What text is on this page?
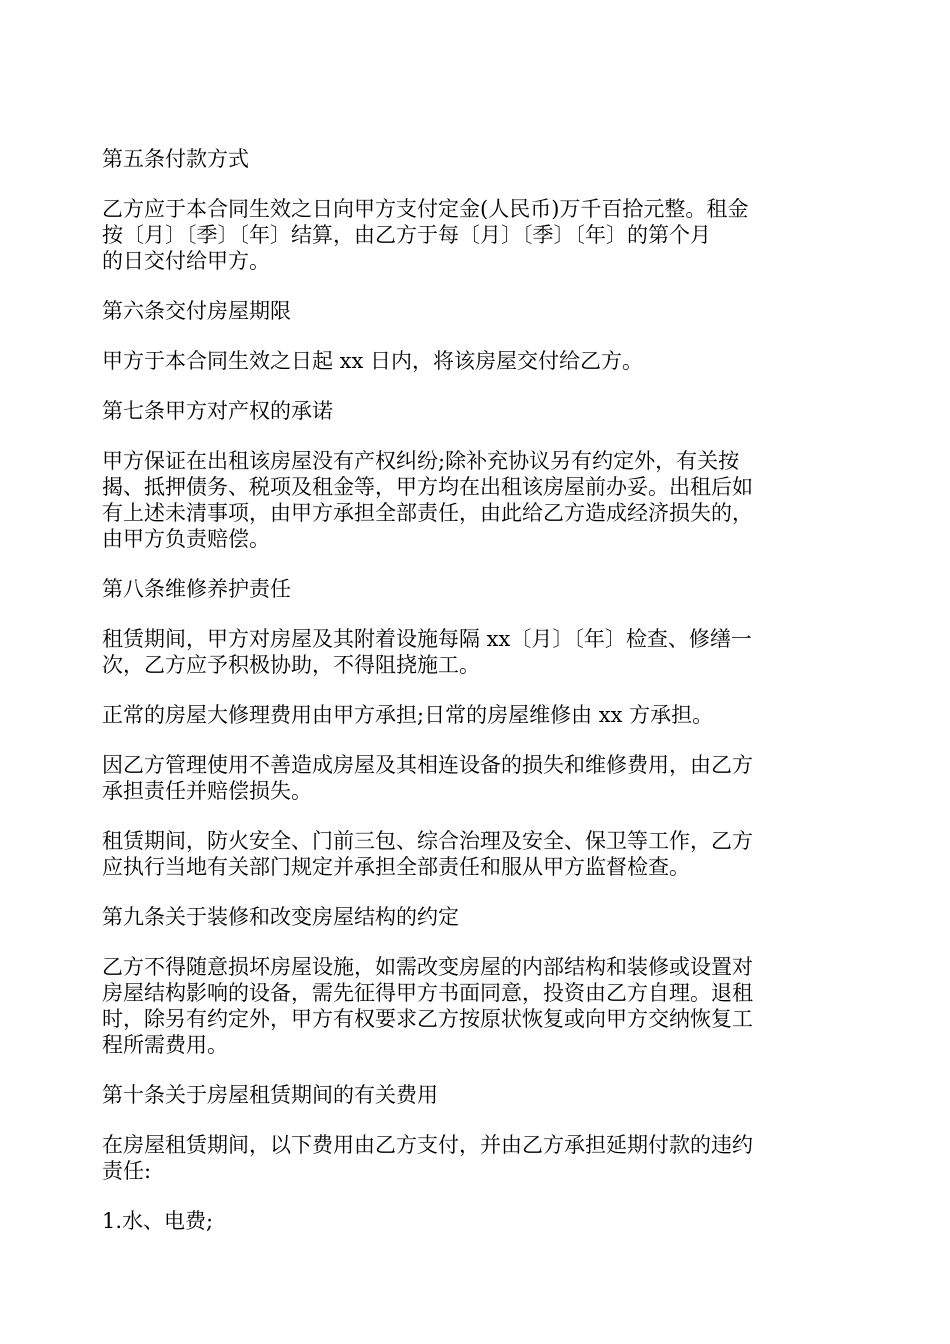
第五条付款方式

乙方应于本合同生效之日向甲方支付定金(人民币)万千百拾元整。租金
按〔月〕〔季〕〔年〕结算，由乙方于每〔月〕〔季〕〔年〕的第个月
的日交付给甲方。

第六条交付房屋期限

甲方于本合同生效之日起 xx 日内，将该房屋交付给乙方。

第七条甲方对产权的承诺

甲方保证在出租该房屋没有产权纠纷;除补充协议另有约定外，有关按
揭、抵押债务、税项及租金等，甲方均在出租该房屋前办妥。出租后如
有上述未清事项，由甲方承担全部责任，由此给乙方造成经济损失的，
由甲方负责赔偿。

第八条维修养护责任

租赁期间，甲方对房屋及其附着设施每隔 xx〔月〕〔年〕检查、修缮一
次，乙方应予积极协助，不得阻挠施工。

正常的房屋大修理费用由甲方承担;日常的房屋维修由 xx 方承担。

因乙方管理使用不善造成房屋及其相连设备的损失和维修费用，由乙方
承担责任并赔偿损失。

租赁期间，防火安全、门前三包、综合治理及安全、保卫等工作，乙方
应执行当地有关部门规定并承担全部责任和服从甲方监督检查。

第九条关于装修和改变房屋结构的约定

乙方不得随意损坏房屋设施，如需改变房屋的内部结构和装修或设置对
房屋结构影响的设备，需先征得甲方书面同意，投资由乙方自理。退租
时，除另有约定外，甲方有权要求乙方按原状恢复或向甲方交纳恢复工
程所需费用。

第十条关于房屋租赁期间的有关费用

在房屋租赁期间，以下费用由乙方支付，并由乙方承担延期付款的违约
责任:

1.水、电费;
